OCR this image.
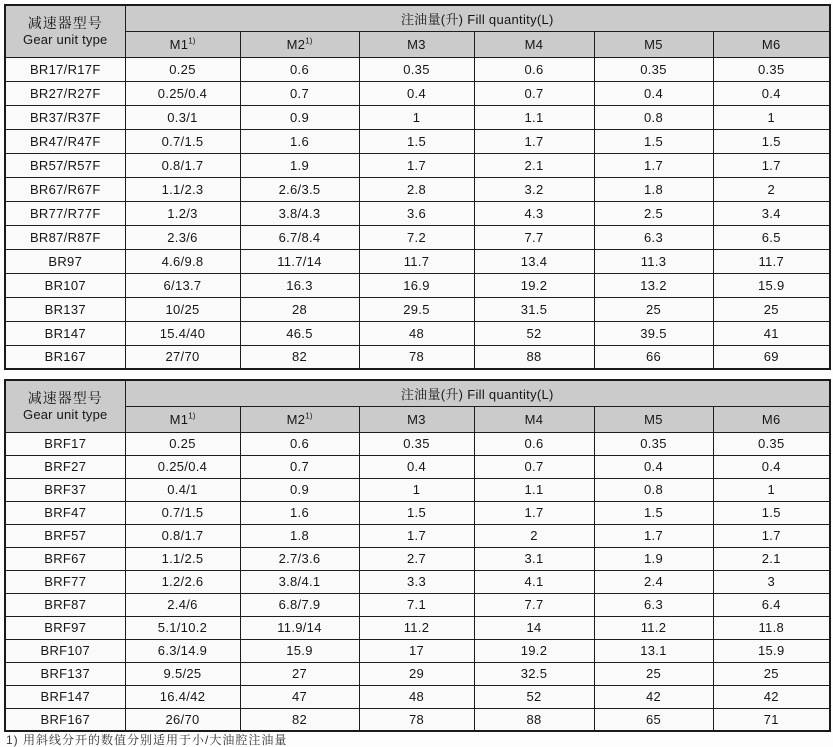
减速器型号
Gear unit type	注油量(升) Fill quantity(L)					
	M1$^{1)}$	M2$^{1)}$	M3	M4	M5	M6
BR17/R17F	0.25	0.6	0.35	0.6	0.35	0.35
BR27/R27F	0.25/0.4	0.7	0.4	0.7	0.4	0.4
BR37/R37F	0.3/1	0.9	1	1.1	0.8	1
BR47/R47F	0.7/1.5	1.6	1.5	1.7	1.5	1.5
BR57/R57F	0.8/1.7	1.9	1.7	2.1	1.7	1.7
BR67/R67F	1.1/2.3	2.6/3.5	2.8	3.2	1.8	2
BR77/R77F	1.2/3	3.8/4.3	3.6	4.3	2.5	3.4
BR87/R87F	2.3/6	6.7/8.4	7.2	7.7	6.3	6.5
BR97	4.6/9.8	11.7/14	11.7	13.4	11.3	11.7
BR107	6/13.7	16.3	16.9	19.2	13.2	15.9
BR137	10/25	28	29.5	31.5	25	25
BR147	15.4/40	46.5	48	52	39.5	41
BR167	27/70	82	78	88	66	69
减速器型号
Gear unit type	注油量(升) Fill quantity(L)					
	M1$^{1)}$	M2$^{1)}$	M3	M4	M5	M6
BRF17	0.25	0.6	0.35	0.6	0.35	0.35
BRF27	0.25/0.4	0.7	0.4	0.7	0.4	0.4
BRF37	0.4/1	0.9	1	1.1	0.8	1
BRF47	0.7/1.5	1.6	1.5	1.7	1.5	1.5
BRF57	0.8/1.7	1.8	1.7	2	1.7	1.7
BRF67	1.1/2.5	2.7/3.6	2.7	3.1	1.9	2.1
BRF77	1.2/2.6	3.8/4.1	3.3	4.1	2.4	3
BRF87	2.4/6	6.8/7.9	7.1	7.7	6.3	6.4
BRF97	5.1/10.2	11.9/14	11.2	14	11.2	11.8
BRF107	6.3/14.9	15.9	17	19.2	13.1	15.9
BRF137	9.5/25	27	29	32.5	25	25
BRF147	16.4/42	47	48	52	42	42
BRF167	26/70	82	78	88	65	71
1) 用斜线分开的数值分别适用于小/大油腔注油量
